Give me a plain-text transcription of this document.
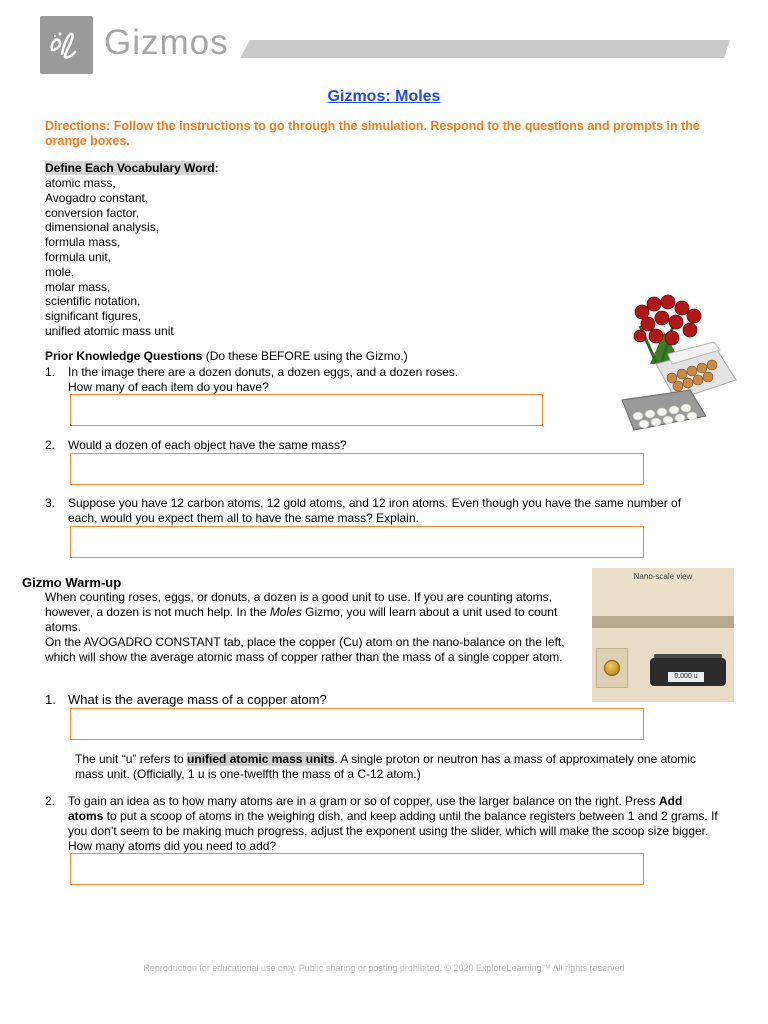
Gizmos
Gizmos: Moles
Directions: Follow the instructions to go through the simulation. Respond to the questions and prompts in the orange boxes.
Define Each Vocabulary Word:
atomic mass,
Avogadro constant,
conversion factor,
dimensional analysis,
formula mass,
formula unit,
mole,
molar mass,
scientific notation,
significant figures,
unified atomic mass unit
Prior Knowledge Questions (Do these BEFORE using the Gizmo.)
1. In the image there are a dozen donuts, a dozen eggs, and a dozen roses.
How many of each item do you have?
2. Would a dozen of each object have the same mass?
3. Suppose you have 12 carbon atoms, 12 gold atoms, and 12 iron atoms. Even though you have the same number of
each, would you expect them all to have the same mass? Explain.
Gizmo Warm-up
When counting roses, eggs, or donuts, a dozen is a good unit to use. If you are counting atoms, however, a dozen is not much help. In the Moles Gizmo, you will learn about a unit used to count atoms.
On the AVOGADRO CONSTANT tab, place the copper (Cu) atom on the nano-balance on the left, which will show the average atomic mass of copper rather than the mass of a single copper atom.
Nano-scale view
0.000 u
1. What is the average mass of a copper atom?
The unit “u” refers to unified atomic mass units. A single proton or neutron has a mass of approximately one atomic mass unit. (Officially, 1 u is one-twelfth the mass of a C-12 atom.)
2. To gain an idea as to how many atoms are in a gram or so of copper, use the larger balance on the right. Press Add atoms to put a scoop of atoms in the weighing dish, and keep adding until the balance registers between 1 and 2 grams. If you don’t seem to be making much progress, adjust the exponent using the slider, which will make the scoop size bigger. How many atoms did you need to add?
Reproduction for educational use only. Public sharing or posting prohibited. © 2020 ExploreLearning™ All rights reserved
